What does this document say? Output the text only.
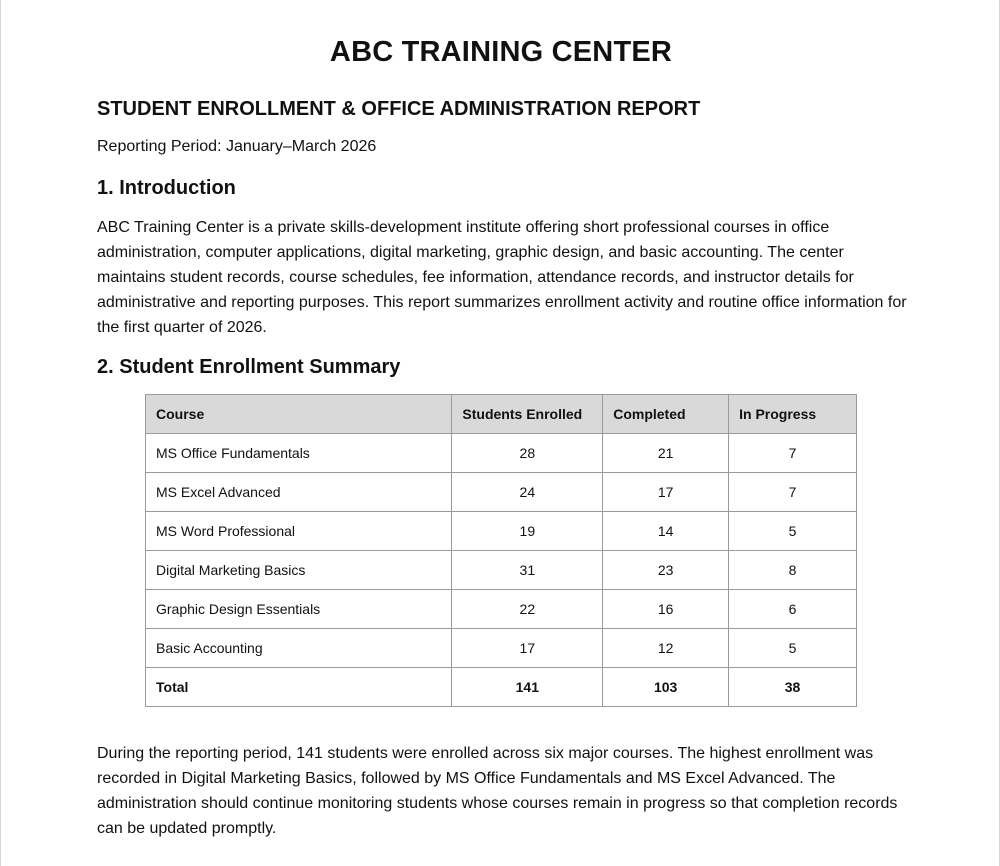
ABC TRAINING CENTER
STUDENT ENROLLMENT & OFFICE ADMINISTRATION REPORT

Reporting Period: January–March 2026

1. Introduction

ABC Training Center is a private skills-development institute offering short professional courses in office administration, computer applications, digital marketing, graphic design, and basic accounting. The center maintains student records, course schedules, fee information, attendance records, and instructor details for administrative and reporting purposes. This report summarizes enrollment activity and routine office information for the first quarter of 2026.

2. Student Enrollment Summary
Course	Students Enrolled	Completed	In Progress
MS Office Fundamentals	28	21	7
MS Excel Advanced	24	17	7
MS Word Professional	19	14	5
Digital Marketing Basics	31	23	8
Graphic Design Essentials	22	16	6
Basic Accounting	17	12	5
Total	141	103	38

During the reporting period, 141 students were enrolled across six major courses. The highest enrollment was recorded in Digital Marketing Basics, followed by MS Office Fundamentals and MS Excel Advanced. The administration should continue monitoring students whose courses remain in progress so that completion records can be updated promptly.
